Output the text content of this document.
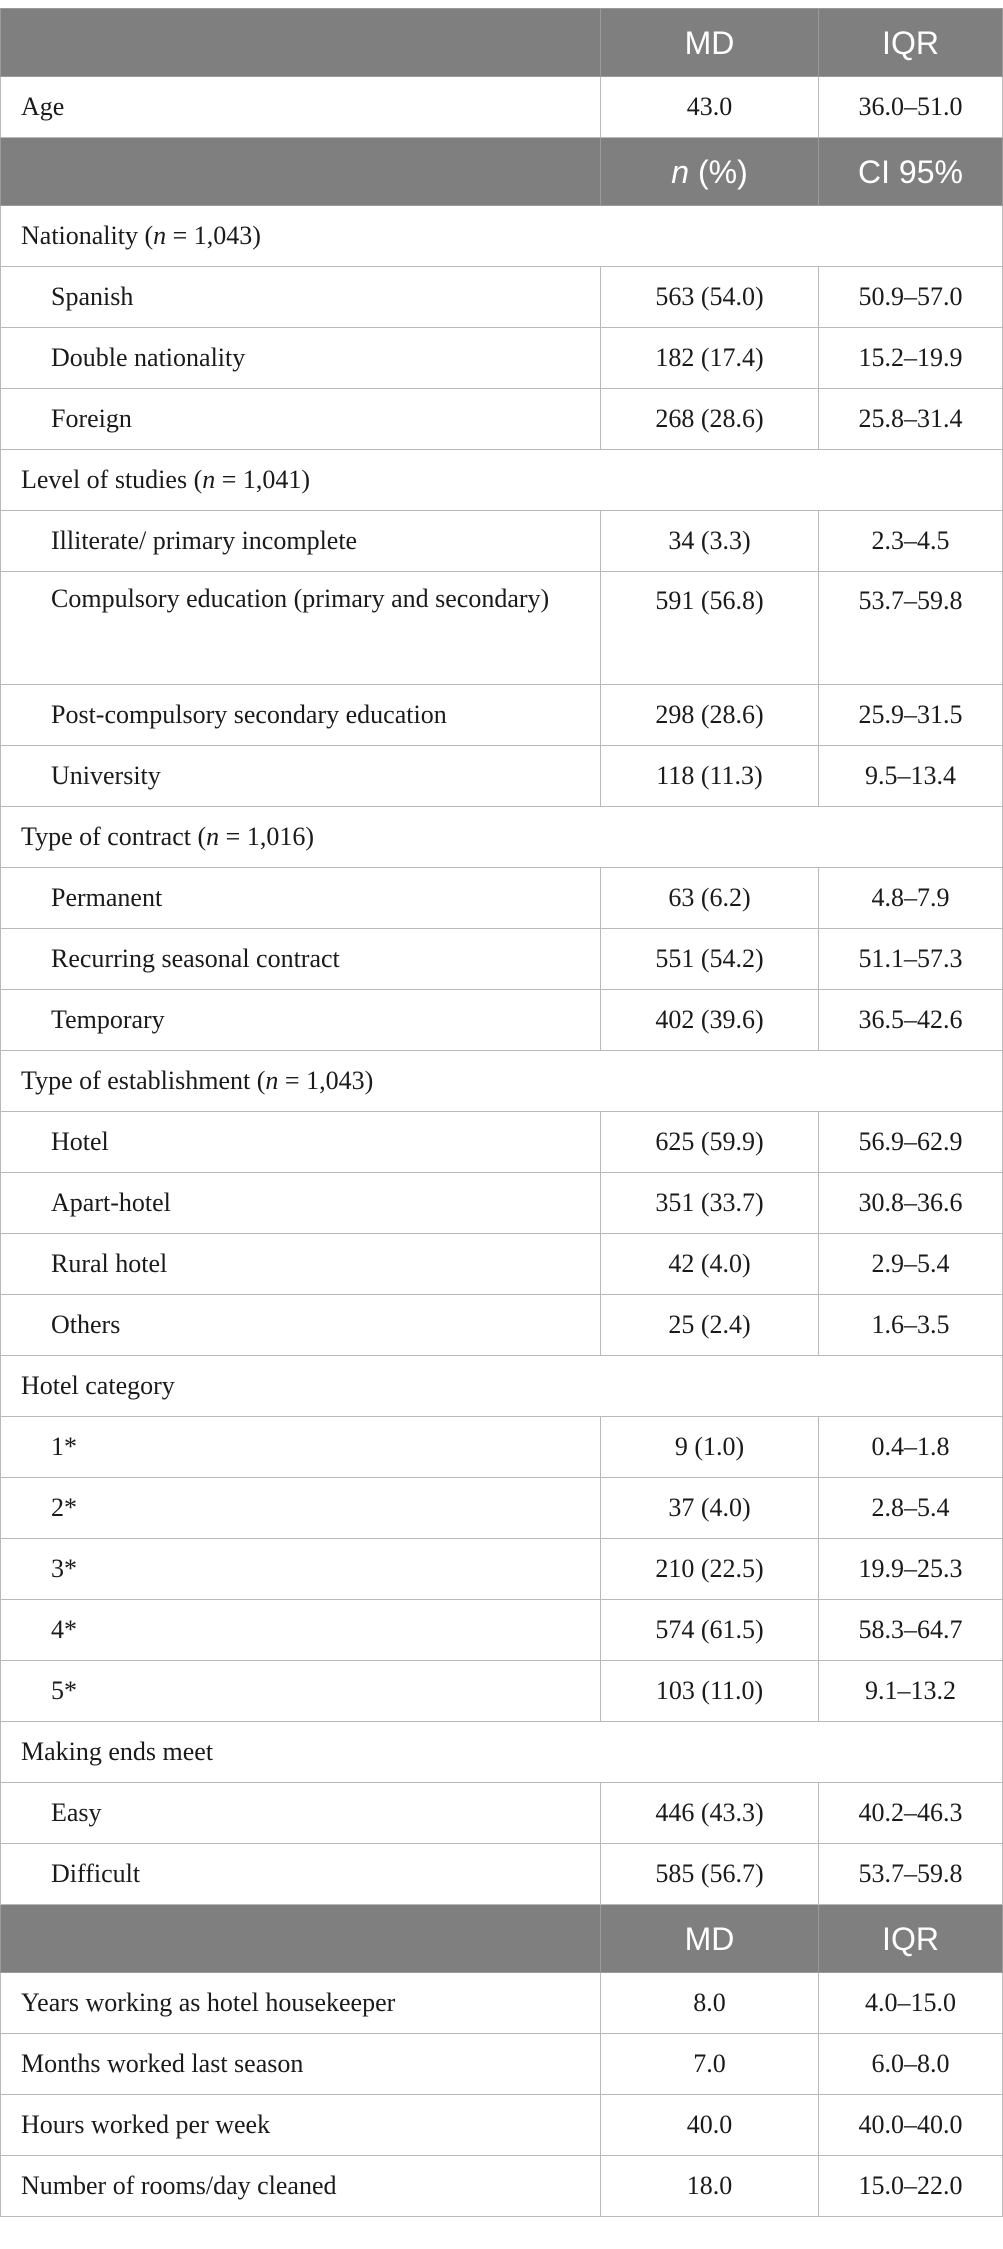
	MD	IQR
Age	43.0	36.0–51.0
	n (%)	CI 95%
Nationality (n = 1,043)		
Spanish	563 (54.0)	50.9–57.0
Double nationality	182 (17.4)	15.2–19.9
Foreign	268 (28.6)	25.8–31.4
Level of studies (n = 1,041)		
Illiterate/ primary incomplete	34 (3.3)	2.3–4.5
Compulsory education (primary and secondary)	591 (56.8)	53.7–59.8
Post-compulsory secondary education	298 (28.6)	25.9–31.5
University	118 (11.3)	9.5–13.4
Type of contract (n = 1,016)		
Permanent	63 (6.2)	4.8–7.9
Recurring seasonal contract	551 (54.2)	51.1–57.3
Temporary	402 (39.6)	36.5–42.6
Type of establishment (n = 1,043)		
Hotel	625 (59.9)	56.9–62.9
Apart-hotel	351 (33.7)	30.8–36.6
Rural hotel	42 (4.0)	2.9–5.4
Others	25 (2.4)	1.6–3.5
Hotel category		
1*	9 (1.0)	0.4–1.8
2*	37 (4.0)	2.8–5.4
3*	210 (22.5)	19.9–25.3
4*	574 (61.5)	58.3–64.7
5*	103 (11.0)	9.1–13.2
Making ends meet		
Easy	446 (43.3)	40.2–46.3
Difficult	585 (56.7)	53.7–59.8
	MD	IQR
Years working as hotel housekeeper	8.0	4.0–15.0
Months worked last season	7.0	6.0–8.0
Hours worked per week	40.0	40.0–40.0
Number of rooms/day cleaned	18.0	15.0–22.0
